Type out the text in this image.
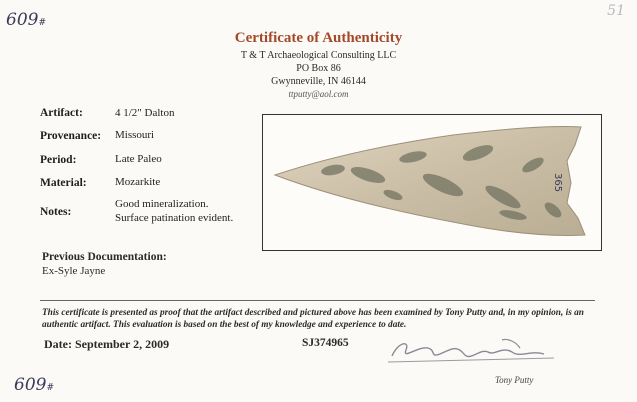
609#
51
Certificate of Authenticity
T & T Archaeological Consulting LLC
PO Box 86
Gwynneville, IN 46144
ttputty@aol.com
Artifact:	4 1/2" Dalton
Provenance: Missouri
Period:	Late Paleo
Material:	Mozarkite
Notes:
Good mineralization.
Surface patination evident.
365
Previous Documentation:
Ex-Syle Jayne
This certificate is presented as proof that the artifact described and pictured above has been examined by Tony Putty and, in my opinion, is an authentic artifact. This evaluation is based on the best of my knowledge and experience to date.
Date: September 2, 2009	SJ374965
Tony Putty
609#
